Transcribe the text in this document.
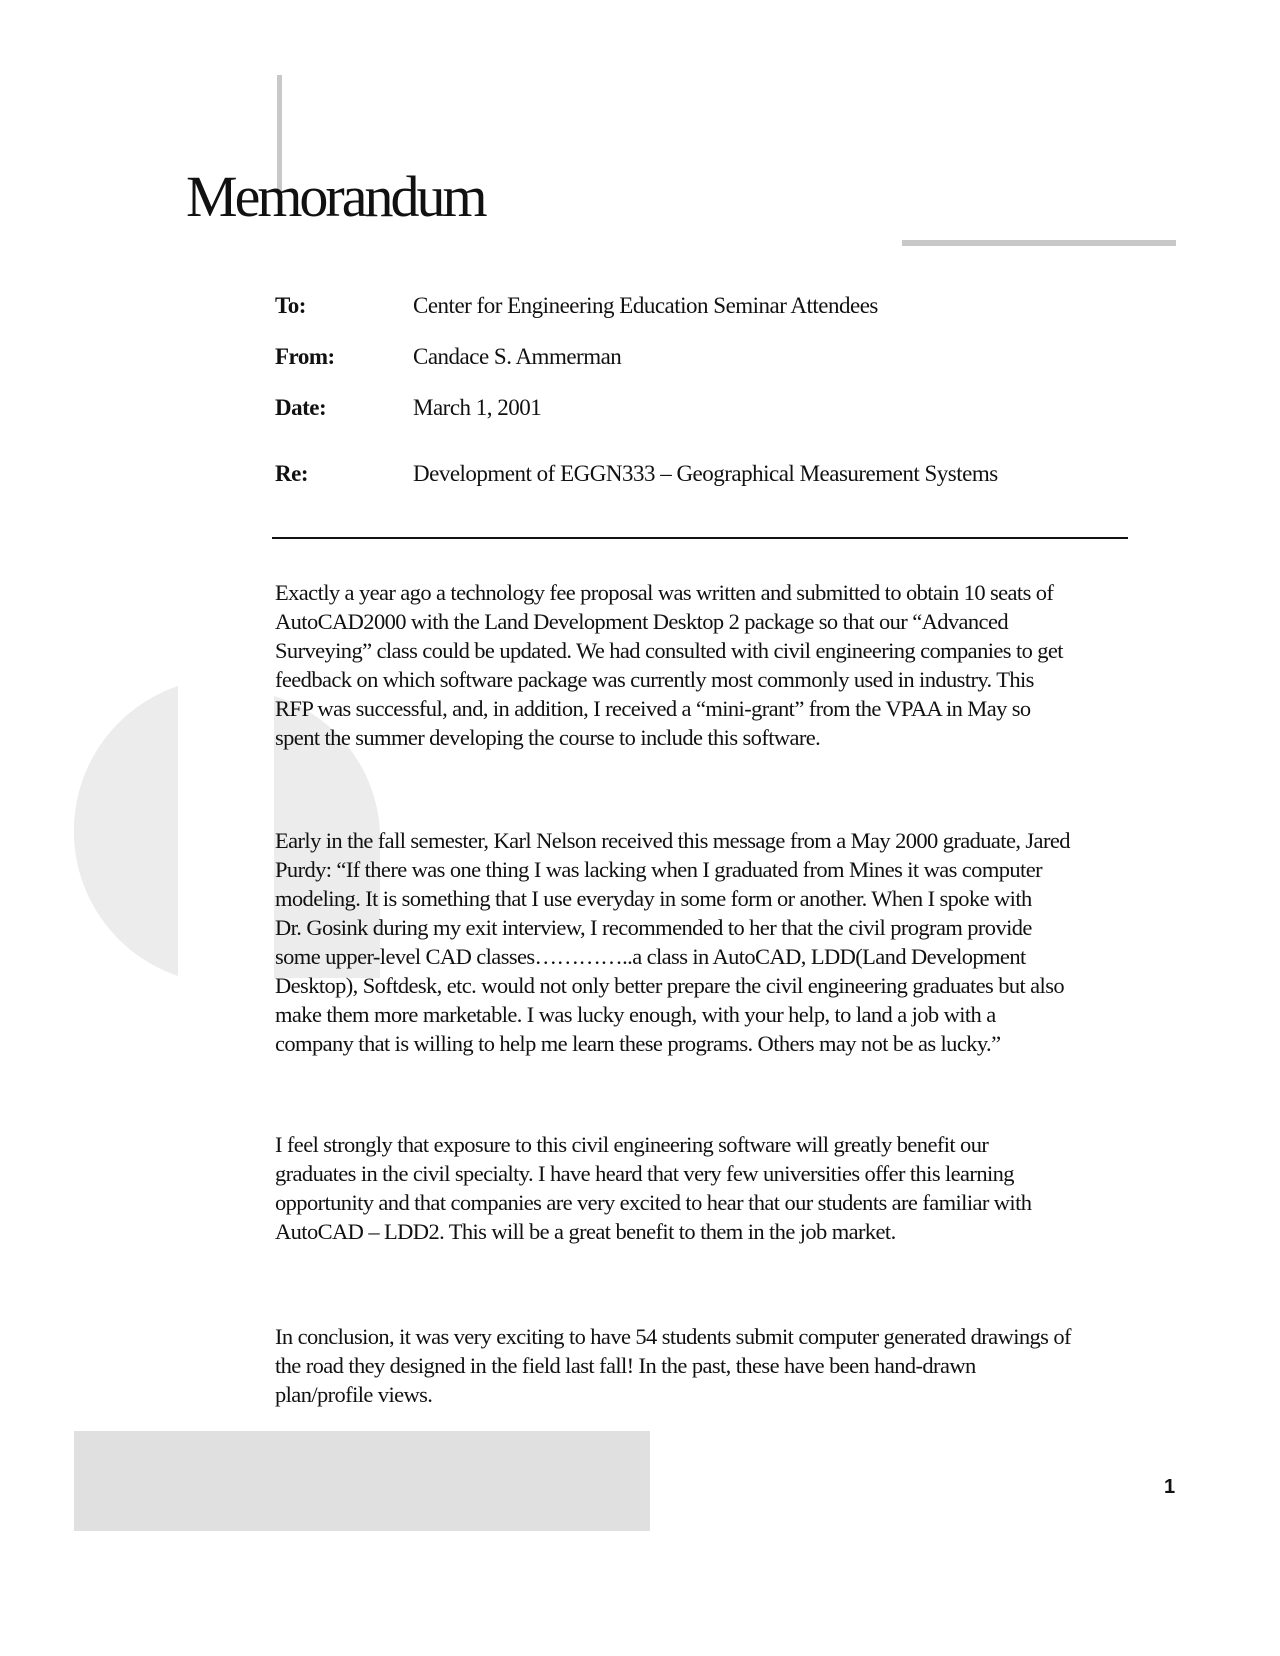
Memorandum
To:	Center for Engineering Education Seminar Attendees
From:	Candace S. Ammerman
Date:	March 1, 2001
Re:	Development of EGGN333 – Geographical Measurement Systems
Exactly a year ago a technology fee proposal was written and submitted to obtain 10 seats of
AutoCAD2000 with the Land Development Desktop 2 package so that our “Advanced
Surveying” class could be updated. We had consulted with civil engineering companies to get
feedback on which software package was currently most commonly used in industry. This
RFP was successful, and, in addition, I received a “mini-grant” from the VPAA in May so
spent the summer developing the course to include this software.
Early in the fall semester, Karl Nelson received this message from a May 2000 graduate, Jared
Purdy: “If there was one thing I was lacking when I graduated from Mines it was computer
modeling. It is something that I use everyday in some form or another. When I spoke with
Dr. Gosink during my exit interview, I recommended to her that the civil program provide
some upper-level CAD classes…………..a class in AutoCAD, LDD(Land Development
Desktop), Softdesk, etc. would not only better prepare the civil engineering graduates but also
make them more marketable. I was lucky enough, with your help, to land a job with a
company that is willing to help me learn these programs. Others may not be as lucky.”
I feel strongly that exposure to this civil engineering software will greatly benefit our
graduates in the civil specialty. I have heard that very few universities offer this learning
opportunity and that companies are very excited to hear that our students are familiar with
AutoCAD – LDD2. This will be a great benefit to them in the job market.
In conclusion, it was very exciting to have 54 students submit computer generated drawings of
the road they designed in the field last fall! In the past, these have been hand-drawn
plan/profile views.
1
